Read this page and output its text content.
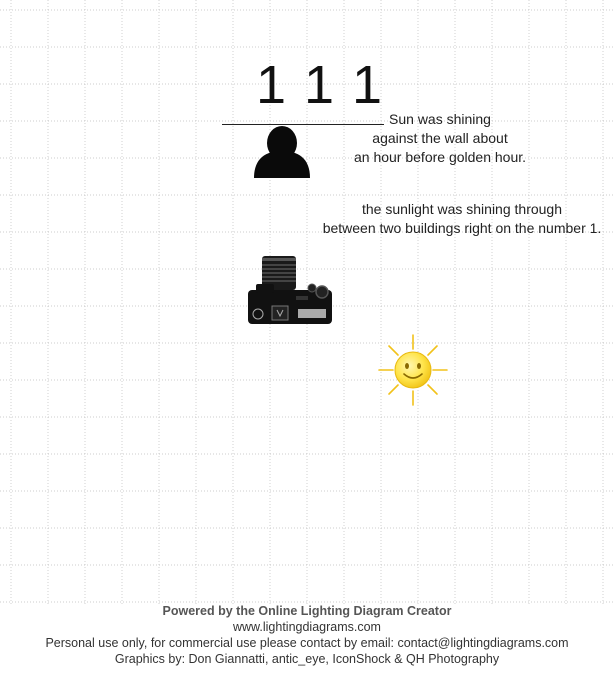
111
Sun was shining
against the wall about
an hour before golden hour.
the sunlight was shining through
between two buildings right on the number 1.
Powered by the Online Lighting Diagram Creator
www.lightingdiagrams.com
Personal use only, for commercial use please contact by email: contact@lightingdiagrams.com
Graphics by: Don Giannatti, antic_eye, IconShock & QH Photography
